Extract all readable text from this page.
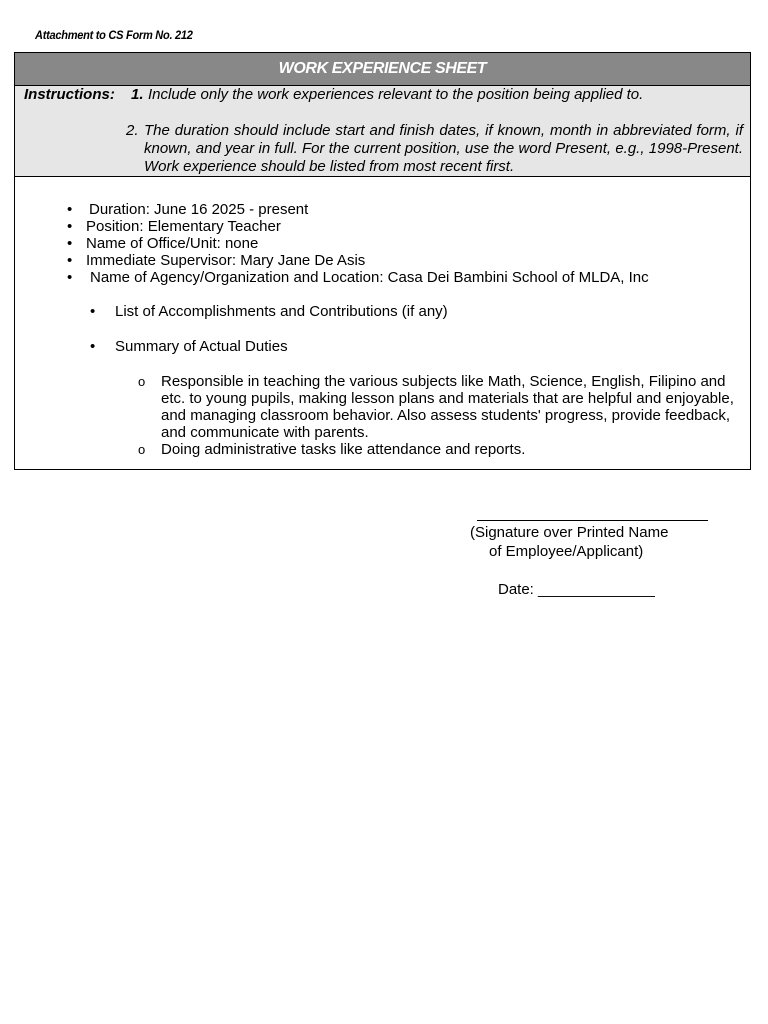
Attachment to CS Form No. 212
WORK EXPERIENCE SHEET
Instructions: 1. Include only the work experiences relevant to the position being applied to.
2. The duration should include start and finish dates, if known, month in abbreviated form, if known, and year in full. For the current position, use the word Present, e.g., 1998-Present. Work experience should be listed from most recent first.
• Duration: June 16 2025 - present
• Position: Elementary Teacher
• Name of Office/Unit: none
• Immediate Supervisor: Mary Jane De Asis
• Name of Agency/Organization and Location: Casa Dei Bambini School of MLDA, Inc
• List of Accomplishments and Contributions (if any)
• Summary of Actual Duties
o Responsible in teaching the various subjects like Math, Science, English, Filipino and etc. to young pupils, making lesson plans and materials that are helpful and enjoyable, and managing classroom behavior. Also assess students' progress, provide feedback, and communicate with parents.
o Doing administrative tasks like attendance and reports.
(Signature over Printed Name
of Employee/Applicant)
Date: ______________
